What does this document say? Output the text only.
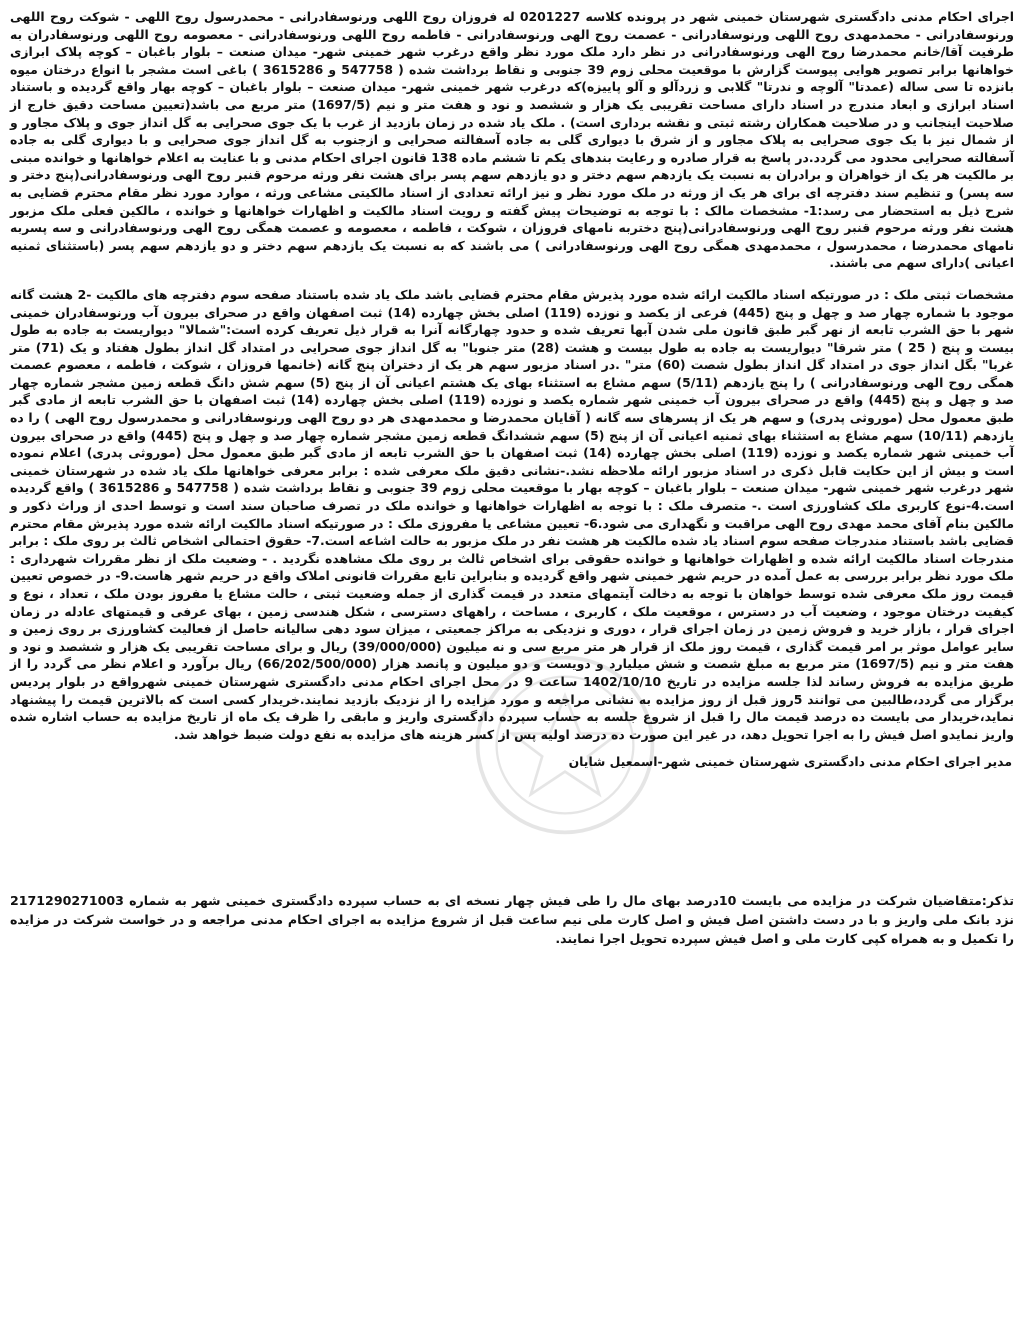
اجرای احکام مدنی دادگستری شهرستان خمینی شهر در پرونده کلاسه 0201227 له فروزان روح اللهی ورنوسفادرانی - محمدرسول روح اللهی - شوکت روح اللهی ورنوسفادرانی - محمدمهدی روح اللهی ورنوسفادرانی - عصمت روح الهی ورنوسفادرانی - فاطمه روح اللهی ورنوسفادرانی - معصومه روح اللهی ورنوسفادران به طرفیت آقا/خانم محمدرضا روح الهی ورنوسفادرانی در نظر دارد ملک مورد نظر واقع درغرب شهر خمینی شهر- میدان صنعت – بلوار باغبان – کوچه پلاک ابرازی خواهانها برابر تصویر هوایی پیوست گزارش با موقعیت محلی زوم 39 جنوبی و نقاط برداشت شده ( 547758 و 3615286 ) باغی است مشجر با انواع درختان میوه بانزده تا سی ساله (عمدتا" آلوچه و ندرتا" گلابی و زردآلو و آلو پاییزه)که درغرب شهر خمینی شهر- میدان صنعت – بلوار باغبان – کوچه بهار واقع گردیده و باستناد اسناد ابرازی و ابعاد مندرج در اسناد دارای مساحت تقریبی یک هزار و ششصد و نود و هفت متر و نیم (1697/5) متر مربع می باشد(تعیین مساحت دقیق خارج از صلاحیت اینجانب و در صلاحیت همکاران رشته ثبتی و نقشه برداری است) . ملک یاد شده در زمان بازدید از غرب با یک جوی صحرایی به گل انداز جوی و پلاک مجاور و از شمال نیز با یک جوی صحرایی به پلاک مجاور و از شرق با دیواری گلی به جاده آسفالته صحرایی و ازجنوب به گل انداز جوی صحرایی و با دیواری گلی به جاده آسفالته صحرایی محدود می گردد.در پاسخ به قرار صادره و رعایت بندهای یکم تا ششم ماده 138 قانون اجرای احکام مدنی و با عنایت به اعلام خواهانها و خوانده مبنی بر مالکیت هر یک از خواهران و برادران به نسبت یک یازدهم سهم دختر و دو یازدهم سهم پسر برای هشت نفر ورثه مرحوم قنبر روح الهی ورنوسفادرانی(پنج دختر و سه پسر) و تنظیم سند دفترچه ای برای هر یک از ورثه در ملک مورد نظر و نیز ارائه تعدادی از اسناد مالکیتی مشاعی ورثه ، موارد مورد نظر مقام محترم قضایی به شرح ذیل به استحضار می رسد:1- مشخصات مالک : با توجه به توضیحات پیش گفته و رویت اسناد مالکیت و اظهارات خواهانها و خوانده ، مالکین فعلی ملک مزبور هشت نفر ورثه مرحوم قنبر روح الهی ورنوسفادرانی(پنج دختربه نامهای فروزان ، شوکت ، فاطمه ، معصومه و عصمت همگی روح الهی ورنوسفادرانی و سه پسربه نامهای محمدرضا ، محمدرسول ، محمدمهدی همگی روح الهی ورنوسفادرانی ) می باشند که به نسبت یک یازدهم سهم دختر و دو یازدهم سهم پسر (باستثنای ثمنیه اعیانی )دارای سهم می باشند.

مشخصات ثبتی ملک : در صورتیکه اسناد مالکیت ارائه شده مورد پذیرش مقام محترم قضایی باشد ملک یاد شده باستناد صفحه سوم دفترچه های مالکیت -2 هشت گانه موجود با شماره چهار صد و چهل و پنج (445) فرعی از یکصد و نوزده (119) اصلی بخش چهارده (14) ثبت اصفهان واقع در صحرای بیرون آب ورنوسفادران خمینی شهر با حق الشرب تابعه از نهر گبر طبق قانون ملی شدن آبها تعریف شده و حدود چهارگانه آنرا به قرار ذیل تعریف کرده است:"شمالا" دیواریست به جاده به طول بیست و پنج ( 25 ) متر شرقا" دیواریست به جاده به طول بیست و هشت (28) متر جنوبا" به گل انداز جوی صحرایی در امتداد گل انداز بطول هفتاد و یک (71) متر غربا" بگل انداز جوی در امتداد گل انداز بطول شصت (60) متر" .در اسناد مزبور سهم هر یک از دختران پنج گانه (خانمها فروزان ، شوکت ، فاطمه ، معصوم عصمت همگی روح الهی ورنوسفادرانی ) را پنج یازدهم (5/11) سهم مشاع به استثناء بهای یک هشتم اعیانی آن از پنج (5) سهم شش دانگ قطعه زمین مشجر شماره چهار صد و چهل و پنج (445) واقع در صحرای بیرون آب خمینی شهر شماره یکصد و نوزده (119) اصلی بخش چهارده (14) ثبت اصفهان با حق الشرب تابعه از مادی گبر طبق معمول محل (موروثی پدری) و سهم هر یک از پسرهای سه گانه ( آقایان محمدرضا و محمدمهدی هر دو روح الهی ورنوسفادرانی و محمدرسول روح الهی ) را ده یازدهم (10/11) سهم مشاع به استثناء بهای ثمنیه اعیانی آن از پنج (5) سهم ششدانگ قطعه زمین مشجر شماره چهار صد و چهل و پنج (445) واقع در صحرای بیرون آب خمینی شهر شماره یکصد و نوزده (119) اصلی بخش چهارده (14) ثبت اصفهان با حق الشرب تابعه از مادی گبر طبق معمول محل (موروثی پدری) اعلام نموده است و بیش از این حکایت قابل ذکری در اسناد مزبور ارائه ملاحظه نشد.-نشانی دقیق ملک معرفی شده : برابر معرفی خواهانها ملک یاد شده در شهرستان خمینی شهر درغرب شهر خمینی شهر- میدان صنعت – بلوار باغبان – کوچه بهار با موقعیت محلی زوم 39 جنوبی و نقاط برداشت شده ( 547758 و 3615286 ) واقع گردیده است.4-نوع کاربری ملک کشاورزی است .- متصرف ملک : با توجه به اظهارات خواهانها و خوانده ملک در تصرف صاحبان سند است و توسط احدی از وراث ذکور و مالکین بنام آقای محمد مهدی روح الهی مراقبت و نگهداری می شود.6- تعیین مشاعی یا مفروزی ملک : در صورتیکه اسناد مالکیت ارائه شده مورد پذیرش مقام محترم قضایی باشد باستناد مندرجات صفحه سوم اسناد یاد شده مالکیت هر هشت نفر در ملک مزبور به حالت اشاعه است.7- حقوق احتمالی اشخاص ثالث بر روی ملک : برابر مندرجات اسناد مالکیت ارائه شده و اظهارات خواهانها و خوانده حقوقی برای اشخاص ثالث بر روی ملک مشاهده نگردید . - وضعیت ملک از نظر مقررات شهرداری : ملک مورد نظر برابر بررسی به عمل آمده در حریم شهر خمینی شهر واقع گردیده و بنابراین تابع مقررات قانونی املاک واقع در حریم شهر هاست.9- در خصوص تعیین قیمت روز ملک معرفی شده توسط خواهان با توجه به دخالت آیتمهای متعدد در قیمت گذاری از جمله وضعیت ثبتی ، حالت مشاع یا مفروز بودن ملک ، تعداد ، نوع و کیفیت درختان موجود ، وضعیت آب در دسترس ، موقعیت ملک ، کاربری ، مساحت ، راههای دسترسی ، شکل هندسی زمین ، بهای عرفی و قیمتهای عادله در زمان اجرای قرار ، بازار خرید و فروش زمین در زمان اجرای قرار ، دوری و نزدیکی به مراکز جمعیتی ، میزان سود دهی سالیانه حاصل از فعالیت کشاورزی بر روی زمین و سایر عوامل موثر بر امر قیمت گذاری ، قیمت روز ملک از قرار هر متر مربع سی و نه میلیون (39/000/000) ریال و برای مساحت تقریبی یک هزار و ششصد و نود و هفت متر و نیم (1697/5) متر مربع به مبلغ شصت و شش میلیارد و دویست و دو میلیون و پانصد هزار (66/202/500/000) ریال برآورد و اعلام نظر می گردد را از طریق مزایده به فروش رساند لذا جلسه مزایده در تاریخ 1402/10/10 ساعت 9 در محل اجرای احکام مدنی دادگستری شهرستان خمینی شهرواقع در بلوار پردیس برگزار می گردد،طالبین می توانند 5روز قبل از روز مزایده به نشانی مراجعه و مورد مزایده را از نزدیک بازدید نمایند.خریدار کسی است که بالاترین قیمت را پیشنهاد نماید،خریدار می بایست ده درصد قیمت مال را قبل از شروع جلسه به حساب سپرده دادگستری واریز و مابقی را ظرف یک ماه از تاریخ مزایده به حساب اشاره شده واریز نمایدو اصل فیش را به اجرا تحویل دهد، در غیر این صورت ده درصد اولیه پس از کسر هزینه های مزایده به نفع دولت ضبط خواهد شد.

مدیر اجرای احکام مدنی دادگستری شهرستان خمینی شهر-اسمعیل شایان
تذکر:متقاضیان شرکت در مزایده می بایست 10درصد بهای مال را طی فیش چهار نسخه ای به حساب سپرده دادگستری خمینی شهر به شماره 2171290271003 نزد بانک ملی واریز و با در دست داشتن اصل فیش و اصل کارت ملی نیم ساعت قبل از شروع مزایده به اجرای احکام مدنی مراجعه و در خواست شرکت در مزایده را تکمیل و به همراه کپی کارت ملی و اصل فیش سپرده تحویل اجرا نمایند.
